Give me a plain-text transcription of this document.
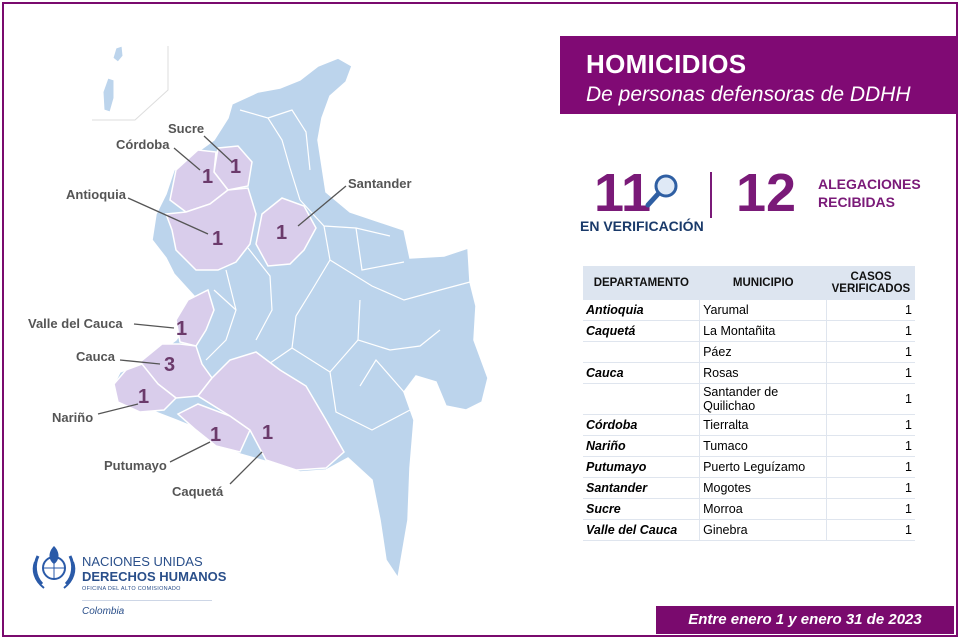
Sucre
Córdoba
Antioquia
Santander
Valle del Cauca
Cauca
Nariño
Putumayo
Caquetá
1
1
1	1
1
3
1
1 1
HOMICIDIOS
De personas defensoras de DDHH
11
EN VERIFICACIÓN
12 ALEGACIONES
RECIBIDAS
DEPARTAMENTO	MUNICIPIO	CASOS VERIFICADOS
Antioquia	Yarumal	1
Caquetá	La Montañita	1
	Páez	1
Cauca	Rosas	1
	Santander de Quilichao	1
Córdoba	Tierralta	1
Nariño	Tumaco	1
Putumayo	Puerto Leguízamo	1
Santander	Mogotes	1
Sucre	Morroa	1
Valle del Cauca	Ginebra	1
NACIONES UNIDAS
DERECHOS HUMANOS
OFICINA DEL ALTO COMISIONADO
Colombia	Entre enero 1 y enero 31 de 2023
